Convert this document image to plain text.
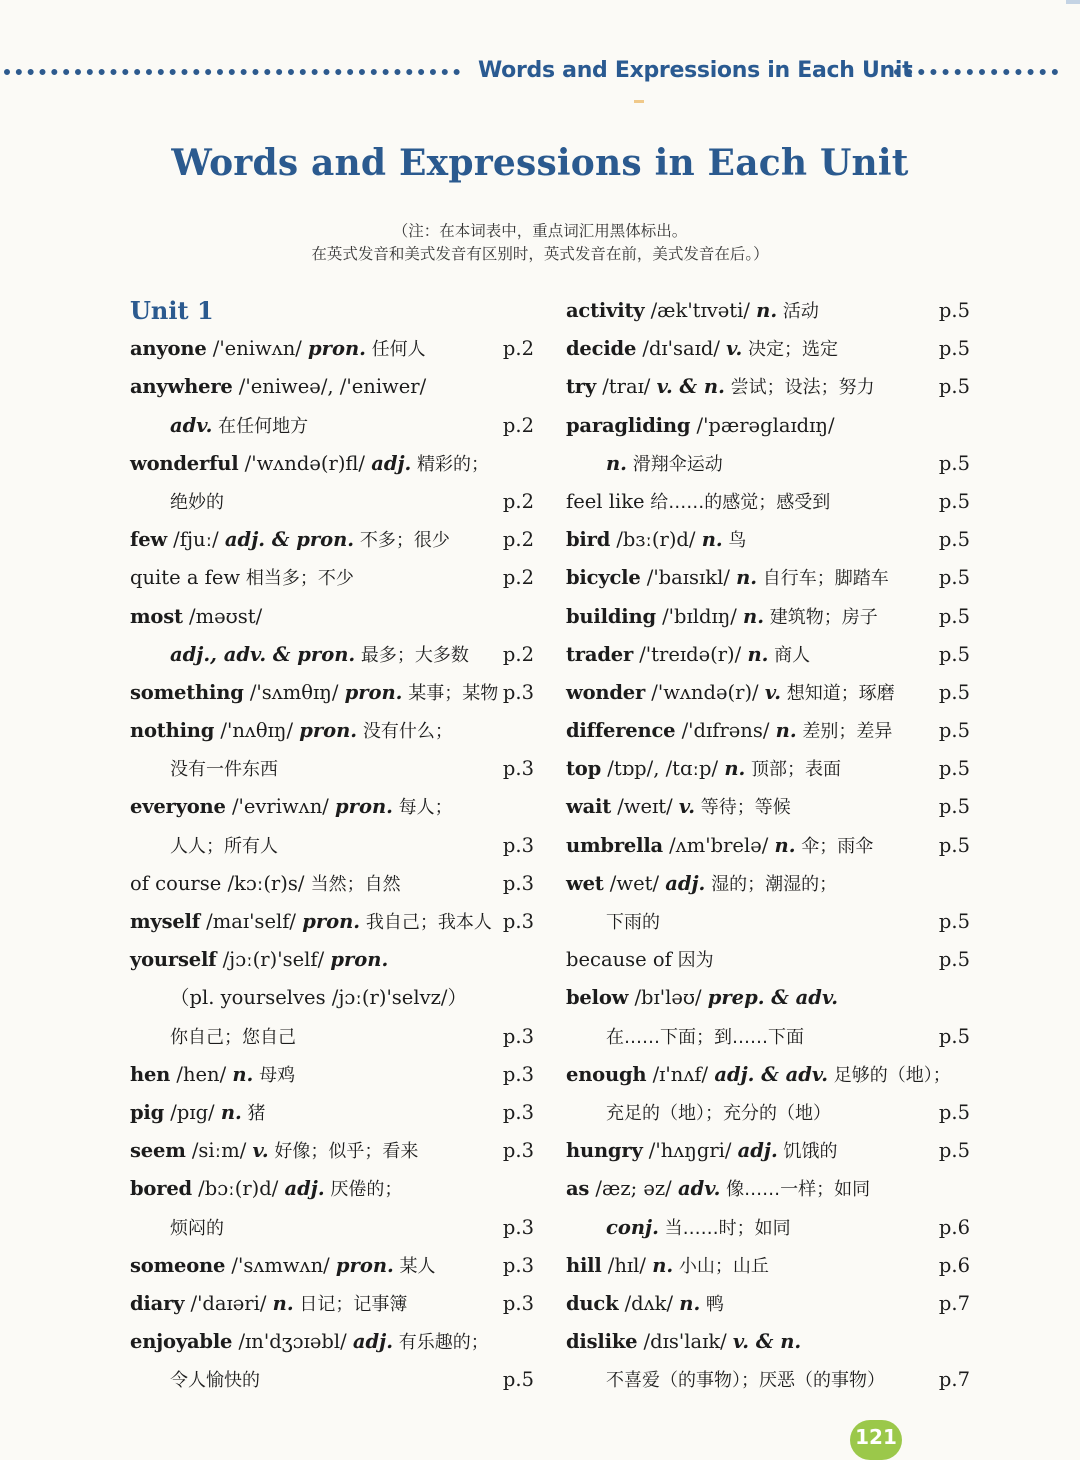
Words and Expressions in Each Unit
Words and Expressions in Each Unit
（注：在本词表中，重点词汇用黑体标出。
在英式发音和美式发音有区别时，英式发音在前，美式发音在后。）
Unit 1
anyone /'eniwʌn/ pron. 任何人	p.2
anywhere /'eniweə/, /'eniwer/
adv. 在任何地方	p.2
wonderful /'wʌndə(r)fl/ adj. 精彩的；
绝妙的	p.2
few /fjuː/ adj. & pron. 不多；很少	p.2
quite a few 相当多；不少	p.2
most /məʊst/
adj., adv. & pron. 最多；大多数 p.2
something /'sʌmθɪŋ/ pron. 某事；某物 p.3
nothing /'nʌθɪŋ/ pron. 没有什么；
没有一件东西	p.3
everyone /'evriwʌn/ pron. 每人；
人人；所有人	p.3
of course /kɔː(r)s/ 当然；自然	p.3
myself /maɪ'self/ pron. 我自己；我本人 p.3
yourself /jɔː(r)'self/ pron.
（pl. yourselves /jɔː(r)'selvz/）
你自己；您自己	p.3
hen /hen/ n. 母鸡	p.3
pig /pɪg/ n. 猪	p.3
seem /siːm/ v. 好像；似乎；看来	p.3
bored /bɔː(r)d/ adj. 厌倦的；
烦闷的	p.3
someone /'sʌmwʌn/ pron. 某人	p.3
diary /'daɪəri/ n. 日记；记事簿	p.3
enjoyable /ɪn'dʒɔɪəbl/ adj. 有乐趣的；
令人愉快的	p.5
activity /æk'tɪvəti/ n. 活动	p.5
decide /dɪ'saɪd/ v. 决定；选定	p.5
try /traɪ/ v. & n. 尝试；设法；努力	p.5
paragliding /'pærəglaɪdɪŋ/
n. 滑翔伞运动	p.5
feel like 给……的感觉；感受到	p.5
bird /bɜː(r)d/ n. 鸟	p.5
bicycle /'baɪsɪkl/ n. 自行车；脚踏车	p.5
building /'bɪldɪŋ/ n. 建筑物；房子	p.5
trader /'treɪdə(r)/ n. 商人	p.5
wonder /'wʌndə(r)/ v. 想知道；琢磨 p.5
difference /'dɪfrəns/ n. 差别；差异 p.5
top /tɒp/, /tɑːp/ n. 顶部；表面	p.5
wait /weɪt/ v. 等待；等候	p.5
umbrella /ʌm'brelə/ n. 伞；雨伞	p.5
wet /wet/ adj. 湿的；潮湿的；
下雨的	p.5
because of 因为	p.5
below /bɪ'ləʊ/ prep. & adv.
在……下面；到……下面	p.5
enough /ɪ'nʌf/ adj. & adv. 足够的（地）；
充足的（地）；充分的（地）	p.5
hungry /'hʌŋgri/ adj. 饥饿的	p.5
as /æz; əz/ adv. 像……一样；如同
conj. 当……时；如同	p.6
hill /hɪl/ n. 小山；山丘	p.6
duck /dʌk/ n. 鸭	p.7
dislike /dɪs'laɪk/ v. & n.
不喜爱（的事物）；厌恶（的事物）	p.7
121
